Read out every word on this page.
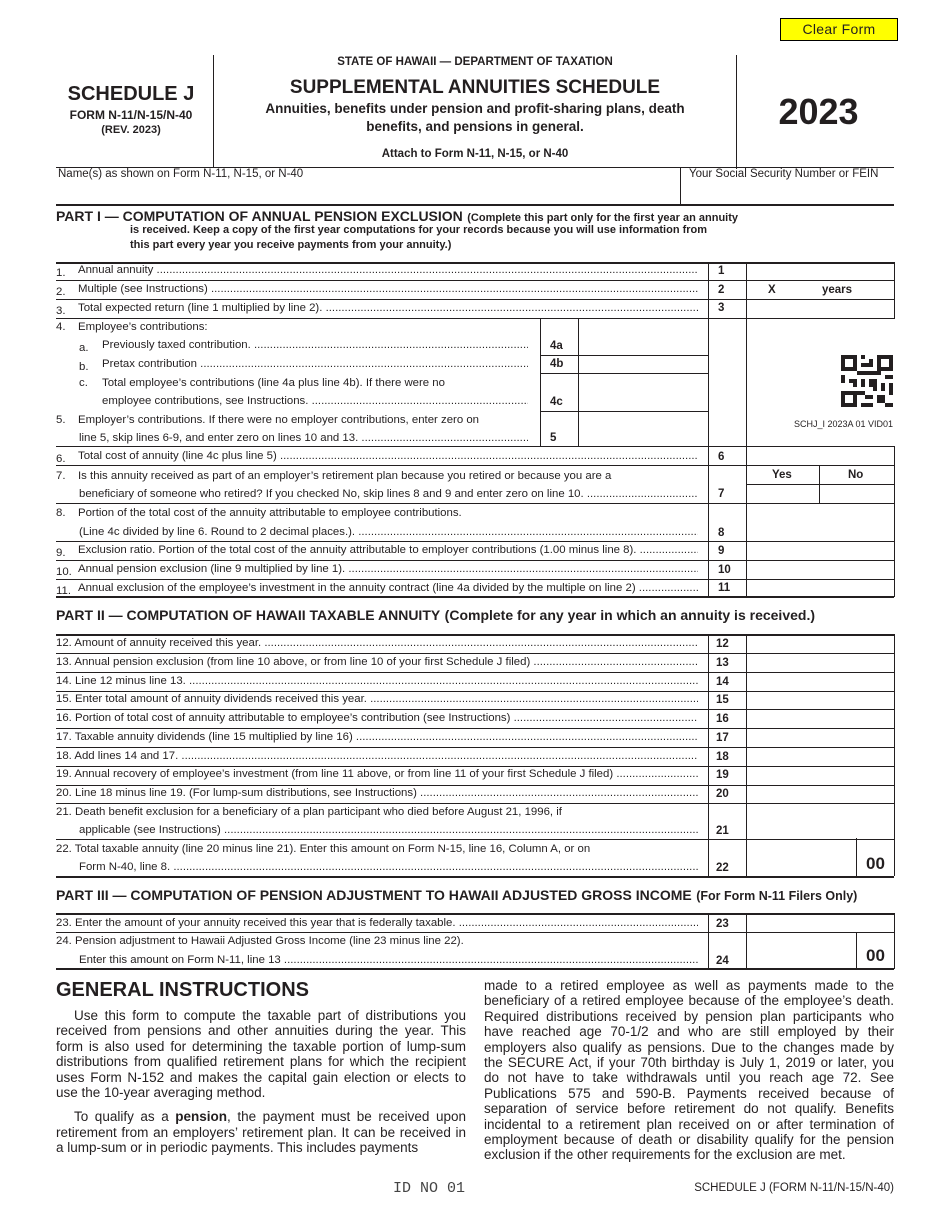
Clear Form
SCHEDULE J
FORM N-11/N-15/N-40
(REV. 2023)
STATE OF HAWAII — DEPARTMENT OF TAXATION
SUPPLEMENTAL ANNUITIES SCHEDULE
Annuities, benefits under pension and profit-sharing plans, death
benefits, and pensions in general.
Attach to Form N-11, N-15, or N-40
2023
Name(s) as shown on Form N-11, N-15, or N-40	Your Social Security Number or FEIN
PART I — COMPUTATION OF ANNUAL PENSION EXCLUSION (Complete this part only for the first year an annuity
is received. Keep a copy of the first year computations for your records because you will use information from
this part every year you receive payments from your annuity.)
1. Annual annuity .....
2. Multiple (see Instructions) .....
3. Total expected return (line 1 multiplied by line 2). .....
4. Employee’s contributions:
a. Previously taxed contribution. .....
b. Pretax contribution .....
c. Total employee’s contributions (line 4a plus line 4b). If there were no
employee contributions, see Instructions. .....
5. Employer’s contributions. If there were no employer contributions, enter zero on
line 5, skip lines 6-9, and enter zero on lines 10 and 13. .....
6. Total cost of annuity (line 4c plus line 5) .....
7. Is this annuity received as part of an employer’s retirement plan because you retired or because you are a
beneficiary of someone who retired? If you checked No, skip lines 8 and 9 and enter zero on line 10. .....
8. Portion of the total cost of the annuity attributable to employee contributions.
(Line 4c divided by line 6. Round to 2 decimal places.). .....
9. Exclusion ratio. Portion of the total cost of the annuity attributable to employer contributions (1.00 minus line 8). .....
10. Annual pension exclusion (line 9 multiplied by line 1). .....
11. Annual exclusion of the employee’s investment in the annuity contract (line 4a divided by the multiple on line 2) .....
1
2
3
4a
4b
4c
5
6
7
8
9
10
11
X	years
Yes	No
SCHJ_I 2023A 01 VID01
PART II — COMPUTATION OF HAWAII TAXABLE ANNUITY (Complete for any year in which an annuity is received.)
12. Amount of annuity received this year. .....
13. Annual pension exclusion (from line 10 above, or from line 10 of your first Schedule J filed) .....
14. Line 12 minus line 13. .....
15. Enter total amount of annuity dividends received this year. .....
16. Portion of total cost of annuity attributable to employee’s contribution (see Instructions) .....
17. Taxable annuity dividends (line 15 multiplied by line 16) .....
18. Add lines 14 and 17. .....
19. Annual recovery of employee’s investment (from line 11 above, or from line 11 of your first Schedule J filed) .....
20. Line 18 minus line 19. (For lump-sum distributions, see Instructions) .....
21. Death benefit exclusion for a beneficiary of a plan participant who died before August 21, 1996, if
applicable (see Instructions) .....
22. Total taxable annuity (line 20 minus line 21). Enter this amount on Form N-15, line 16, Column A, or on
Form N-40, line 8. .....
12
13
14
15
16
17
18
19
20
21
22	00
PART III — COMPUTATION OF PENSION ADJUSTMENT TO HAWAII ADJUSTED GROSS INCOME (For Form N-11 Filers Only)
23. Enter the amount of your annuity received this year that is federally taxable. .....
24. Pension adjustment to Hawaii Adjusted Gross Income (line 23 minus line 22).
Enter this amount on Form N-11, line 13 .....
23
24	00
GENERAL INSTRUCTIONS

Use this form to compute the taxable part of distributions you received from pensions and other annuities during the year. This form is also used for determining the taxable portion of lump-sum distributions from qualified retirement plans for which the recipient uses Form N-152 and makes the capital gain election or elects to use the 10-year averaging method.

To qualify as a pension, the payment must be received upon retirement from an employers’ retirement plan. It can be received in a lump-sum or in periodic payments. This includes payments

made to a retired employee as well as payments made to the beneficiary of a retired employee because of the employee’s death. Required distributions received by pension plan participants who have reached age 70-1/2 and who are still employed by their employers also qualify as pensions. Due to the changes made by the SECURE Act, if your 70th birthday is July 1, 2019 or later, you do not have to take withdrawals until you reach age 72. See Publications 575 and 590-B. Payments received because of separation of service before retirement do not qualify. Benefits incidental to a retirement plan received on or after termination of employment because of death or disability qualify for the pension exclusion if the other requirements for the exclusion are met.

ID NO 01	SCHEDULE J (FORM N-11/N-15/N-40)
